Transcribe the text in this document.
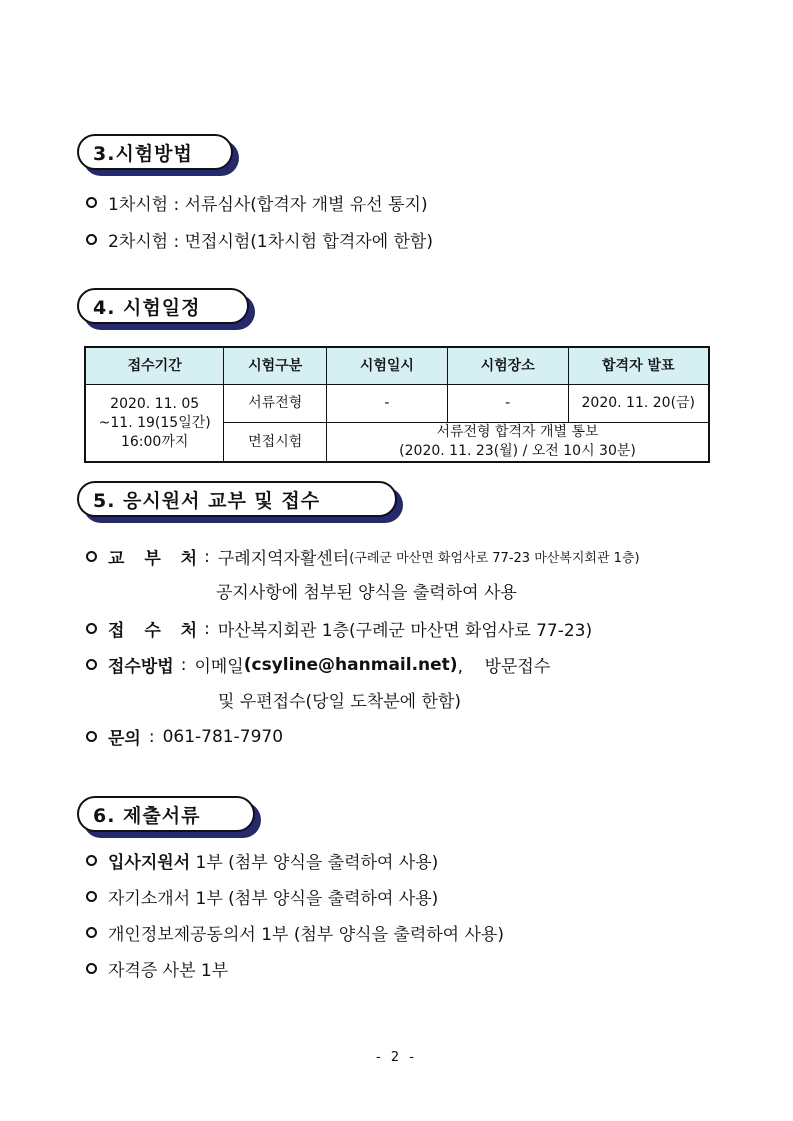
3.시험방법
1차시험 : 서류심사(합격자 개별 유선 통지)
2차시험 : 면접시험(1차시험 합격자에 한함)
4. 시험일정
접수기간	시험구분	시험일시	시험장소	합격자 발표

2020. 11. 05
~11. 19(15일간)
16:00까지	서류전형	-	-	2020. 11. 20(금)
	면접시험	서류전형 합격자 개별 통보
(2020. 11. 23(월) / 오전 10시 30분)		
5. 응시원서 교부 및 접수
교 부 처 : 구례지역자활센터 (구례군 마산면 화엄사로 77-23 마산복지회관 1층)
공지사항에 첨부된 양식을 출력하여 사용
접 수 처 : 마산복지회관 1층(구례군 마산면 화엄사로 77-23)
접수방법 : 이메일 (csyline@hanmail.net) ,    방문접수
및 우편접수(당일 도착분에 한함)
문의 : 061-781-7970
6. 제출서류
입사지원서 1부 (첨부 양식을 출력하여 사용)
자기소개서 1부 (첨부 양식을 출력하여 사용)
개인정보제공동의서 1부 (첨부 양식을 출력하여 사용)
자격증 사본 1부
- 2 -
